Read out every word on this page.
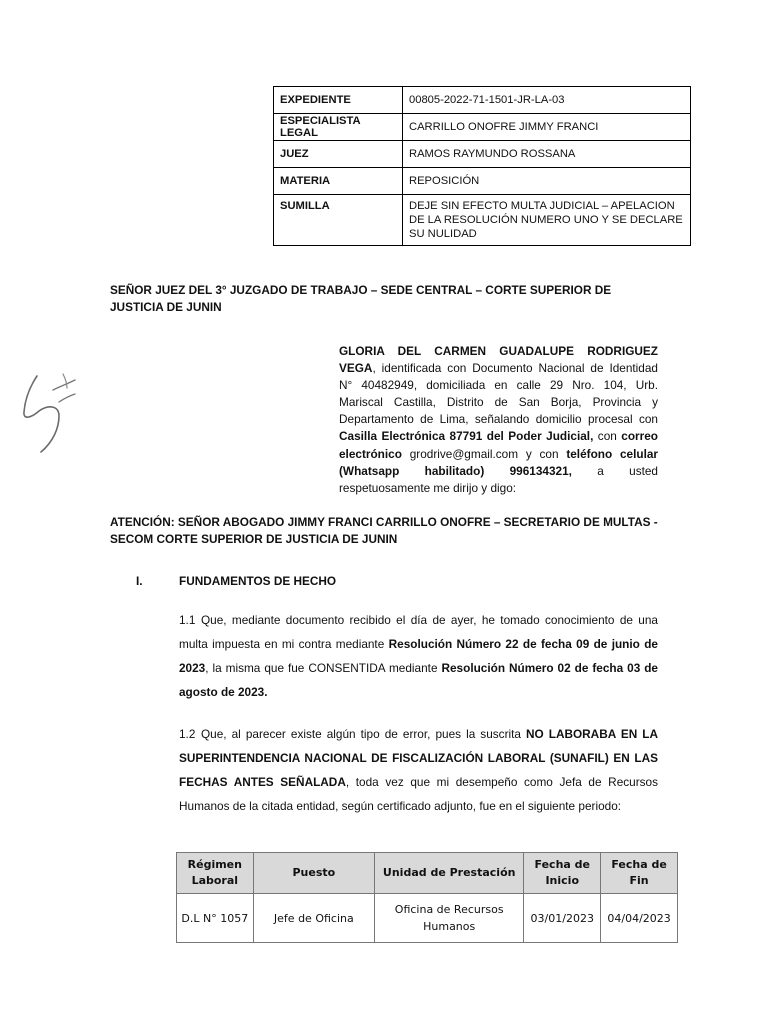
EXPEDIENTE	00805-2022-71-1501-JR-LA-03
ESPECIALISTA LEGAL	CARRILLO ONOFRE JIMMY FRANCI
JUEZ	RAMOS RAYMUNDO ROSSANA
MATERIA	REPOSICIÓN
SUMILLA	DEJE SIN EFECTO MULTA JUDICIAL – APELACION DE LA RESOLUCIÓN NUMERO UNO Y SE DECLARE SU NULIDAD
SEÑOR JUEZ DEL 3° JUZGADO DE TRABAJO – SEDE CENTRAL – CORTE SUPERIOR DE JUSTICIA DE JUNIN
GLORIA DEL CARMEN GUADALUPE RODRIGUEZ VEGA, identificada con Documento Nacional de Identidad N° 40482949, domiciliada en calle 29 Nro. 104, Urb. Mariscal Castilla, Distrito de San Borja, Provincia y Departamento de Lima, señalando domicilio procesal con Casilla Electrónica 87791 del Poder Judicial, con correo electrónico grodrive@gmail.com y con teléfono celular (Whatsapp habilitado) 996134321, a usted respetuosamente me dirijo y digo:
ATENCIÓN: SEÑOR ABOGADO JIMMY FRANCI CARRILLO ONOFRE – SECRETARIO DE MULTAS - SECOM CORTE SUPERIOR DE JUSTICIA DE JUNIN
I.	FUNDAMENTOS DE HECHO
1.1 Que, mediante documento recibido el día de ayer, he tomado conocimiento de una multa impuesta en mi contra mediante Resolución Número 22 de fecha 09 de junio de 2023, la misma que fue CONSENTIDA mediante Resolución Número 02 de fecha 03 de agosto de 2023.
1.2 Que, al parecer existe algún tipo de error, pues la suscrita NO LABORABA EN LA SUPERINTENDENCIA NACIONAL DE FISCALIZACIÓN LABORAL (SUNAFIL) EN LAS FECHAS ANTES SEÑALADA, toda vez que mi desempeño como Jefa de Recursos Humanos de la citada entidad, según certificado adjunto, fue en el siguiente periodo:
Régimen Laboral	Puesto	Unidad de Prestación	Fecha de Inicio	Fecha de Fin
D.L N° 1057	Jefe de Oficina	Oficina de Recursos Humanos	03/01/2023	04/04/2023
